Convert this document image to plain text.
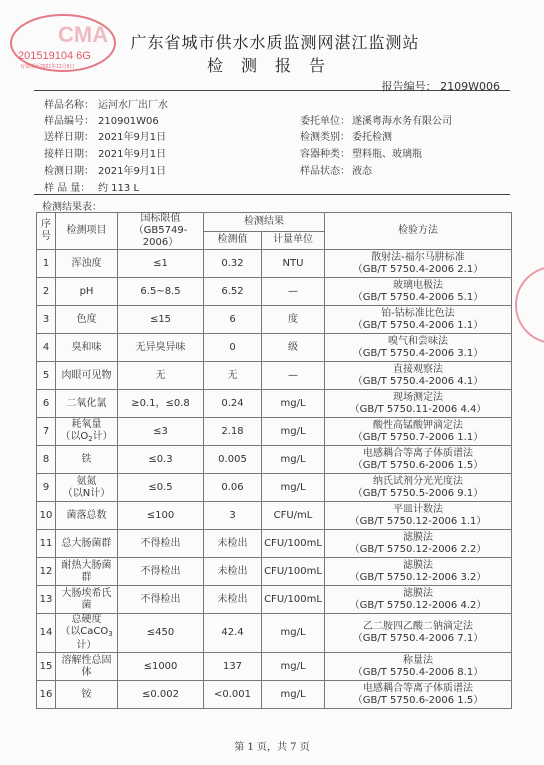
CMA
201519104 6G
有效期至2021年12月5日
广东省城市供水水质监测网湛江监测站
检测报告
报告编号： 2109W006
样品名称： 运河水厂出厂水
样品编号： 210901W06
送样日期： 2021年9月1日
接样日期： 2021年9月1日
检测日期： 2021年9月1日
样 品 量： 约 113 L
委托单位： 遂溪粤海水务有限公司
检测类别： 委托检测
容器种类： 塑料瓶、玻璃瓶
样品状态： 液态
检测结果表：
序号	检测项目	国标限值
（GB5749-2006）	检测结果		检验方法
			检测值	计量单位	
1	浑浊度	≤1	0.32	NTU	散射法-福尔马肼标准
（GB/T 5750.4-2006 2.1）
2	pH	6.5~8.5	6.52	—	玻璃电极法
（GB/T 5750.4-2006 5.1）
3	色度	≤15	6	度	铂-钴标准比色法
（GB/T 5750.4-2006 1.1）
4	臭和味	无异臭异味	0	级	嗅气和尝味法
（GB/T 5750.4-2006 3.1）
5	肉眼可见物	无	无	—	直接观察法
（GB/T 5750.4-2006 4.1）
6	二氧化氯	≥0.1，≤0.8	0.24	mg/L	现场测定法
（GB/T 5750.11-2006 4.4）
7	耗氧量
（以$O_2$计）	≤3	2.18	mg/L	酸性高锰酸钾滴定法
（GB/T 5750.7-2006 1.1）
8	铁	≤0.3	0.005	mg/L	电感耦合等离子体质谱法
（GB/T 5750.6-2006 1.5）
9	氨氮
（以N计）	≤0.5	0.06	mg/L	纳氏试剂分光光度法
（GB/T 5750.5-2006 9.1）
10	菌落总数	≤100	3	CFU/mL	平皿计数法
（GB/T 5750.12-2006 1.1）
11	总大肠菌群	不得检出	未检出	CFU/100mL	滤膜法
（GB/T 5750.12-2006 2.2）
12	耐热大肠菌群	不得检出	未检出	CFU/100mL	滤膜法
（GB/T 5750.12-2006 3.2）
13	大肠埃希氏菌	不得检出	未检出	CFU/100mL	滤膜法
（GB/T 5750.12-2006 4.2）
14	总硬度
（以CaCO$_3$计）	≤450	42.4	mg/L	乙二胺四乙酸二钠滴定法
（GB/T 5750.4-2006 7.1）
15	溶解性总固体	≤1000	137	mg/L	称量法
（GB/T 5750.4-2006 8.1）
16	铵	≤0.002	<0.001	mg/L	电感耦合等离子体质谱法
（GB/T 5750.6-2006 1.5）
第 1 页，共 7 页
